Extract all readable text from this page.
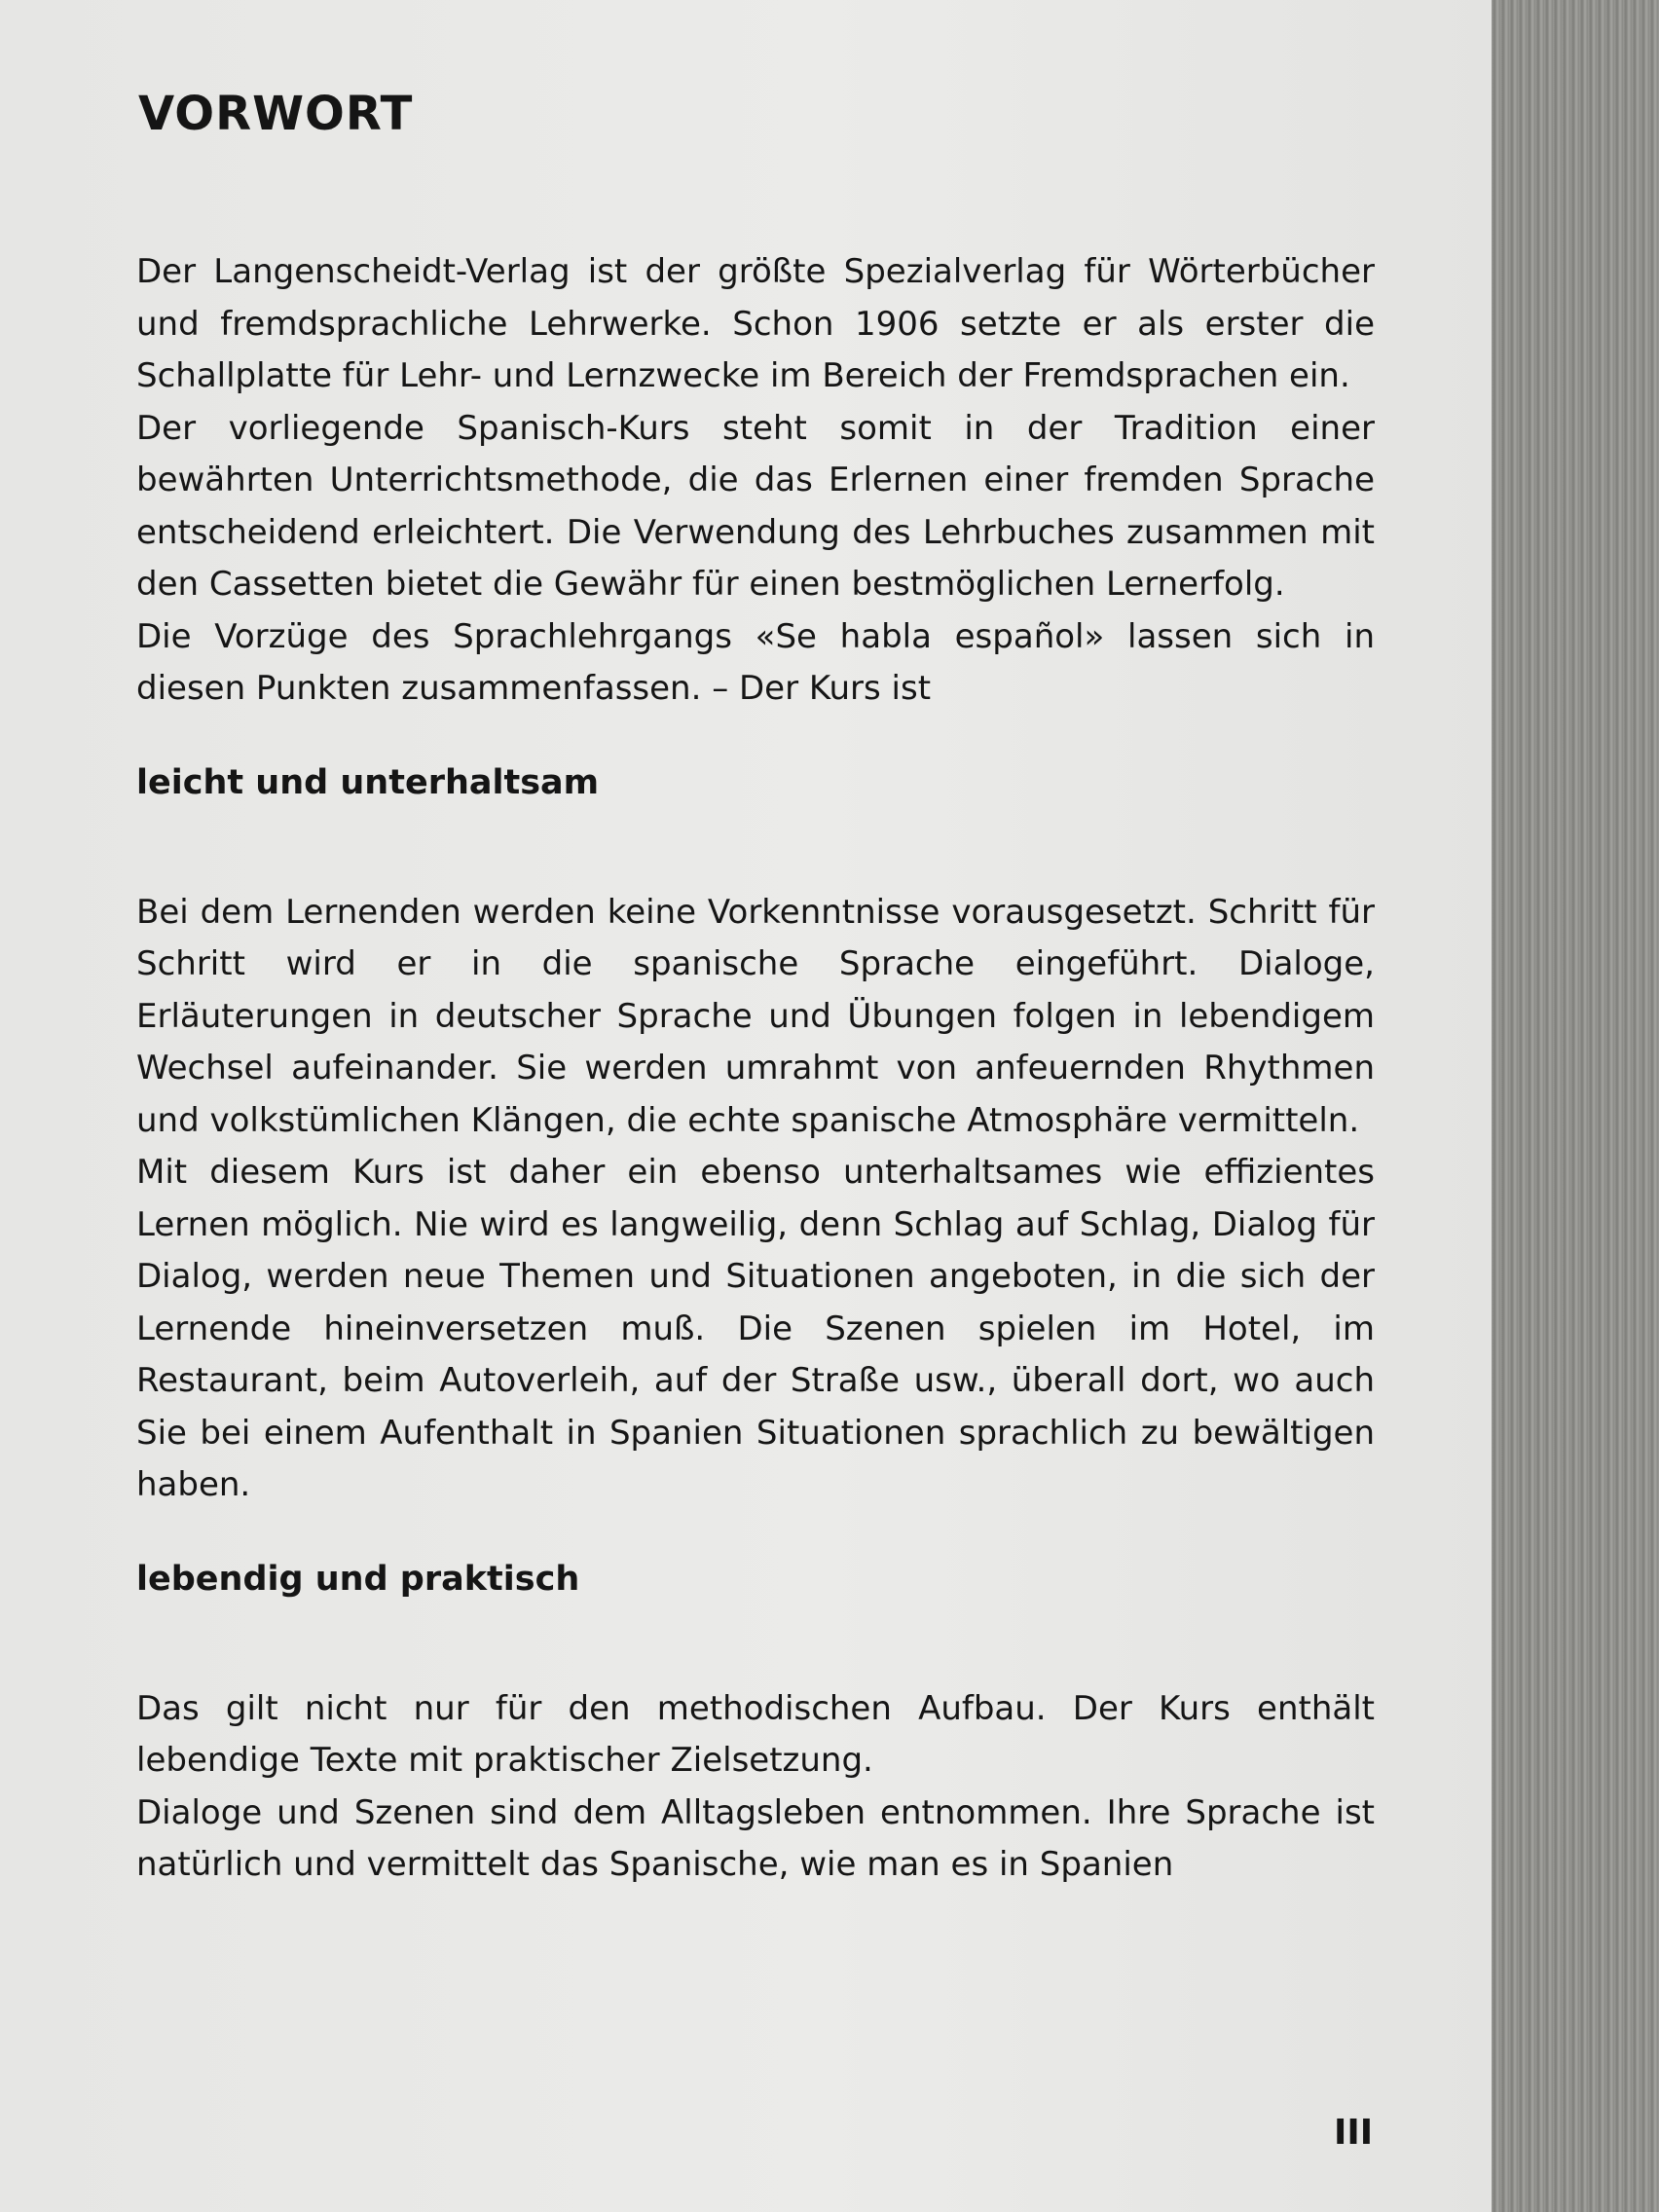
VORWORT

Der Langenscheidt-Verlag ist der größte Spezialverlag für Wörterbücher und fremdsprachliche Lehrwerke. Schon 1906 setzte er als erster die Schallplatte für Lehr- und Lernzwecke im Bereich der Fremdsprachen ein.

Der vorliegende Spanisch-Kurs steht somit in der Tradition einer bewährten Unterrichtsmethode, die das Erlernen einer fremden Sprache entscheidend erleichtert. Die Verwendung des Lehrbuches zusammen mit den Cassetten bietet die Gewähr für einen bestmöglichen Lernerfolg.

Die Vorzüge des Sprachlehrgangs «Se habla español» lassen sich in diesen Punkten zusammenfassen. – Der Kurs ist

leicht und unterhaltsam

Bei dem Lernenden werden keine Vorkenntnisse vorausgesetzt. Schritt für Schritt wird er in die spanische Sprache eingeführt. Dialoge, Erläuterungen in deutscher Sprache und Übungen folgen in lebendigem Wechsel aufeinander. Sie werden umrahmt von anfeuernden Rhythmen und volkstümlichen Klängen, die echte spanische Atmosphäre vermitteln.

Mit diesem Kurs ist daher ein ebenso unterhaltsames wie effizientes Lernen möglich. Nie wird es langweilig, denn Schlag auf Schlag, Dialog für Dialog, werden neue Themen und Situationen angeboten, in die sich der Lernende hineinversetzen muß. Die Szenen spielen im Hotel, im Restaurant, beim Autoverleih, auf der Straße usw., überall dort, wo auch Sie bei einem Aufenthalt in Spanien Situationen sprachlich zu bewältigen haben.

lebendig und praktisch

Das gilt nicht nur für den methodischen Aufbau. Der Kurs enthält lebendige Texte mit praktischer Zielsetzung.

Dialoge und Szenen sind dem Alltagsleben entnommen. Ihre Sprache ist natürlich und vermittelt das Spanische, wie man es in Spanien

III
